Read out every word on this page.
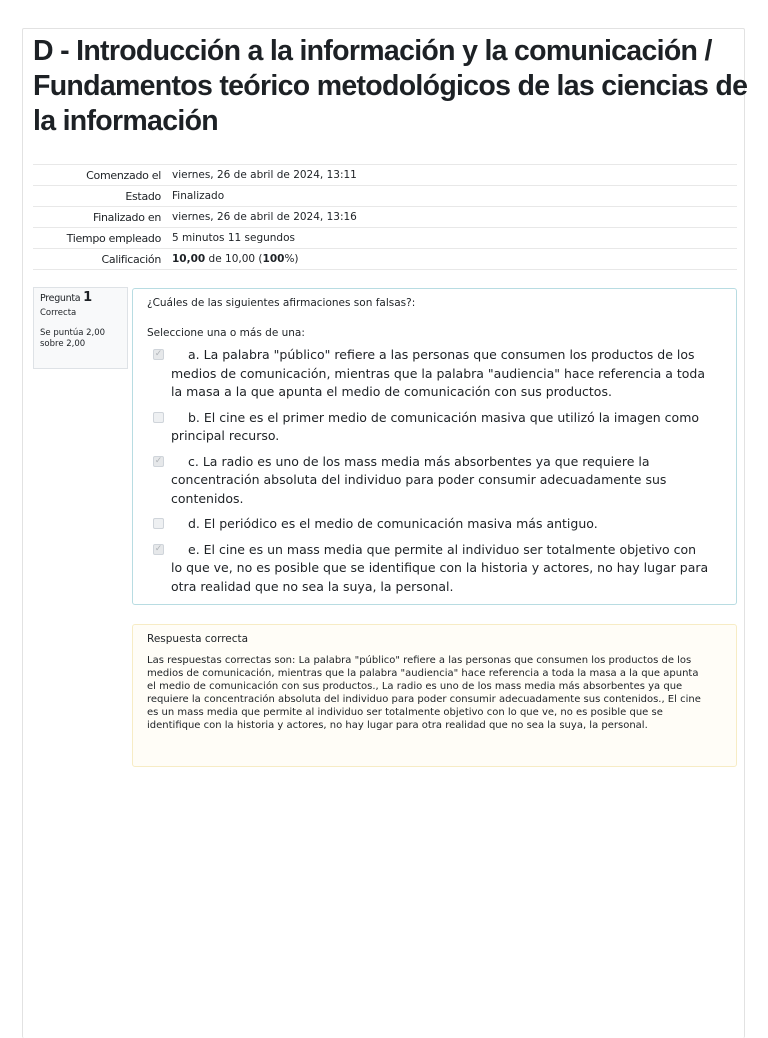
D - Introducción a la información y la comunicación / Fundamentos teórico metodológicos de las ciencias de la información
Comenzado el	viernes, 26 de abril de 2024, 13:11
Estado	Finalizado
Finalizado en	viernes, 26 de abril de 2024, 13:16
Tiempo empleado	5 minutos 11 segundos
Calificación	10,00 de 10,00 (100%)
Pregunta 1
Correcta
Se puntúa 2,00 sobre 2,00
¿Cuáles de las siguientes afirmaciones son falsas?:
Seleccione una o más de una:
✓ a. La palabra "público" refiere a las personas que consumen los productos de los medios de comunicación, mientras que la palabra "audiencia" hace referencia a toda la masa a la que apunta el medio de comunicación con sus productos.
b. El cine es el primer medio de comunicación masiva que utilizó la imagen como principal recurso.
✓ c. La radio es uno de los mass media más absorbentes ya que requiere la concentración absoluta del individuo para poder consumir adecuadamente sus contenidos.
d. El periódico es el medio de comunicación masiva más antiguo.
✓ e. El cine es un mass media que permite al individuo ser totalmente objetivo con lo que ve, no es posible que se identifique con la historia y actores, no hay lugar para otra realidad que no sea la suya, la personal.
Respuesta correcta
Las respuestas correctas son: La palabra "público" refiere a las personas que consumen los productos de los medios de comunicación, mientras que la palabra "audiencia" hace referencia a toda la masa a la que apunta el medio de comunicación con sus productos., La radio es uno de los mass media más absorbentes ya que requiere la concentración absoluta del individuo para poder consumir adecuadamente sus contenidos., El cine es un mass media que permite al individuo ser totalmente objetivo con lo que ve, no es posible que se identifique con la historia y actores, no hay lugar para otra realidad que no sea la suya, la personal.
